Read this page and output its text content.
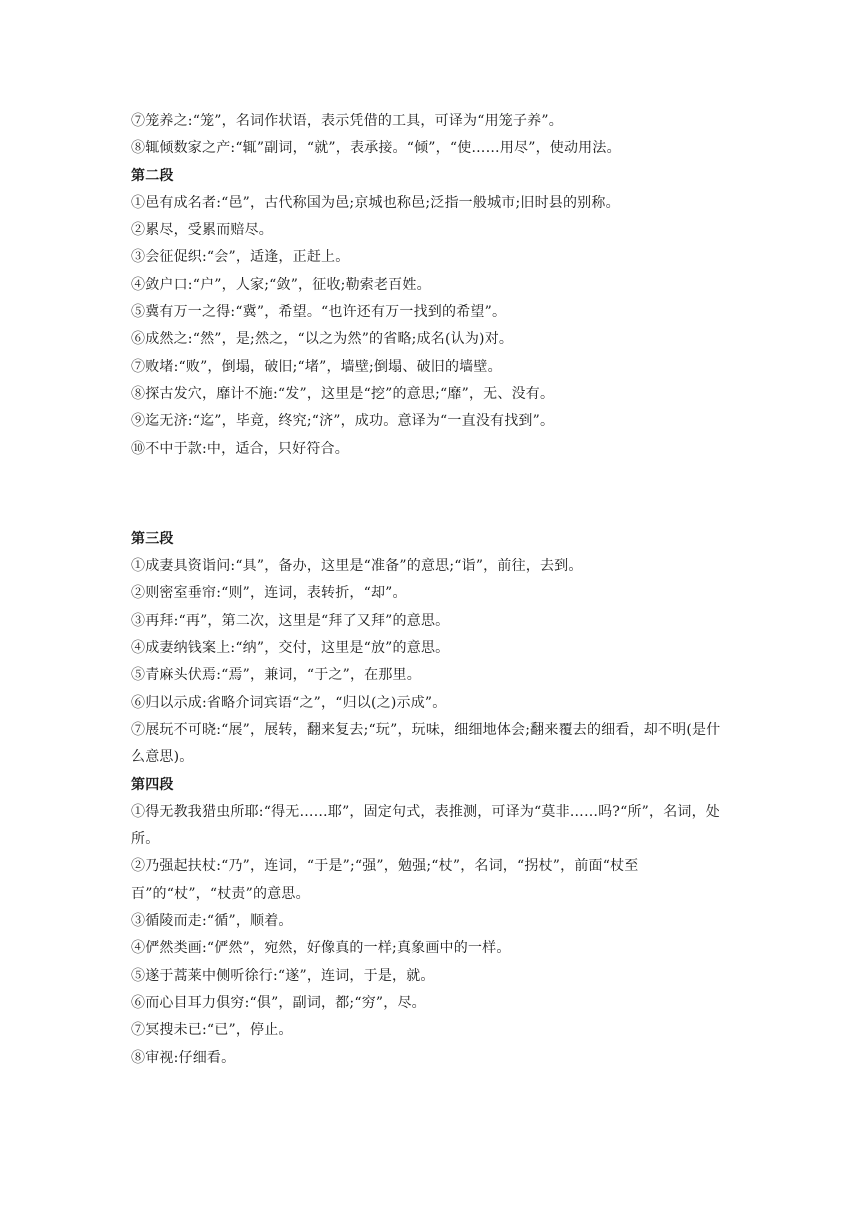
⑦笼养之:“笼”，名词作状语，表示凭借的工具，可译为“用笼子养”。

⑧辄倾数家之产:“辄”副词，“就”，表承接。“倾”，“使……用尽”，使动用法。

第二段

①邑有成名者:“邑”，古代称国为邑;京城也称邑;泛指一般城市;旧时县的别称。

②累尽，受累而赔尽。

③会征促织:“会”，适逢，正赶上。

④敛户口:“户”，人家;“敛”，征收;勒索老百姓。

⑤冀有万一之得:“冀”，希望。“也许还有万一找到的希望”。

⑥成然之:“然”，是;然之，“以之为然”的省略;成名(认为)对。

⑦败堵:“败”，倒塌，破旧;“堵”，墙壁;倒塌、破旧的墙壁。

⑧探古发穴，靡计不施:“发”，这里是“挖”的意思;“靡”，无、没有。

⑨迄无济:“迄”，毕竟，终究;“济”，成功。意译为“一直没有找到”。

⑩不中于款:中，适合，只好符合。

第三段

①成妻具资诣问:“具”，备办，这里是“准备”的意思;“诣”，前往，去到。

②则密室垂帘:“则”，连词，表转折，“却”。

③再拜:“再”，第二次，这里是“拜了又拜”的意思。

④成妻纳钱案上:“纳”，交付，这里是“放”的意思。

⑤青麻头伏焉:“焉”，兼词，“于之”，在那里。

⑥归以示成:省略介词宾语“之”，“归以(之)示成”。

⑦展玩不可晓:“展”，展转，翻来复去;“玩”，玩味，细细地体会;翻来覆去的细看，却不明(是什么意思)。

第四段

①得无教我猎虫所耶:“得无……耶”，固定句式，表推测，可译为“莫非……吗?“所”，名词，处所。

②乃强起扶杖:“乃”，连词，“于是”;“强”，勉强;“杖”，名词，“拐杖”，前面“杖至百”的“杖”，“杖责”的意思。

③循陵而走:“循”，顺着。

④俨然类画:“俨然”，宛然，好像真的一样;真象画中的一样。

⑤遂于蒿莱中侧听徐行:“遂”，连词，于是，就。

⑥而心目耳力俱穷:“俱”，副词，都;“穷”，尽。

⑦冥搜未已:“已”，停止。

⑧审视:仔细看。
